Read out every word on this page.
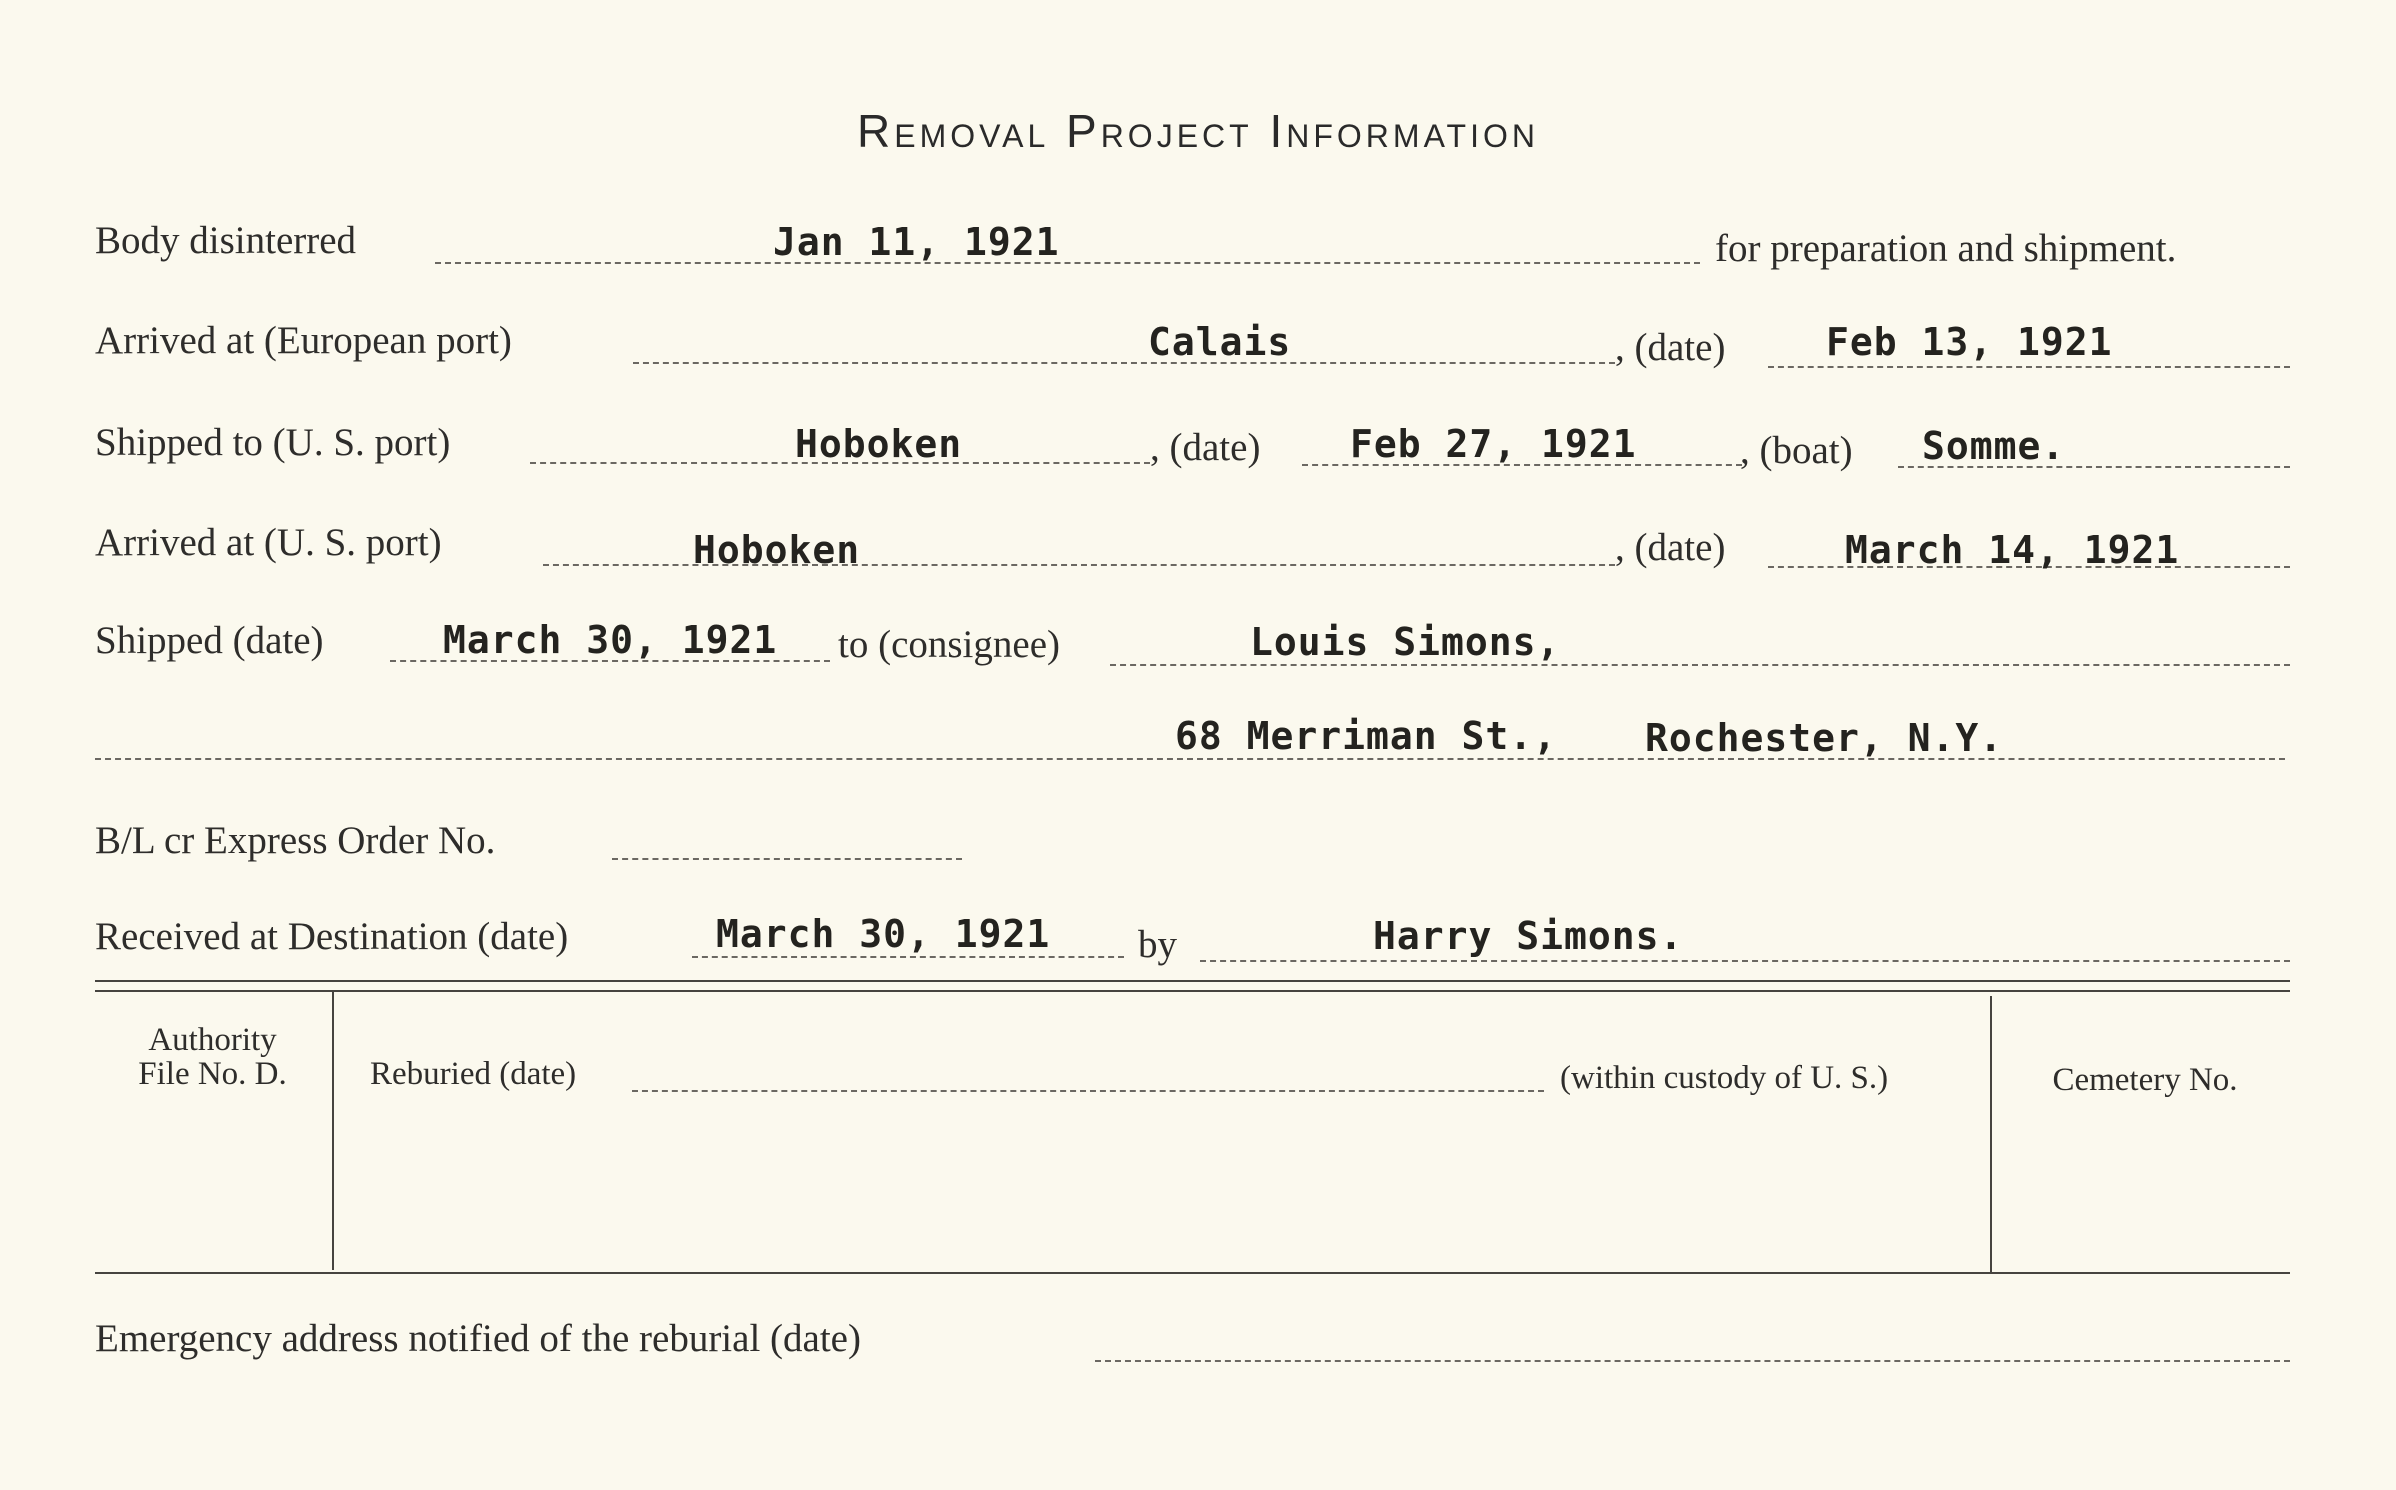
Removal Project Information
Body disinterred	Jan 11, 1921	for preparation and shipment.
Arrived at (European port)	Calais	, (date)	Feb 13, 1921
Shipped to (U. S. port)	Hoboken	, (date) Feb 27, 1921	, (boat) Somme.
Arrived at (U. S. port)	Hoboken	, (date)	March 14, 1921
Shipped (date)	March 30, 1921 to (consignee)	Louis Simons,
68 Merriman St., Rochester, N.Y.
B/L cr Express Order No.
Received at Destination (date)	March 30, 1921 by	Harry Simons.
Authority
File No. D.	Reburied (date)	(within custody of U. S.)	Cemetery No.
Emergency address notified of the reburial (date)
